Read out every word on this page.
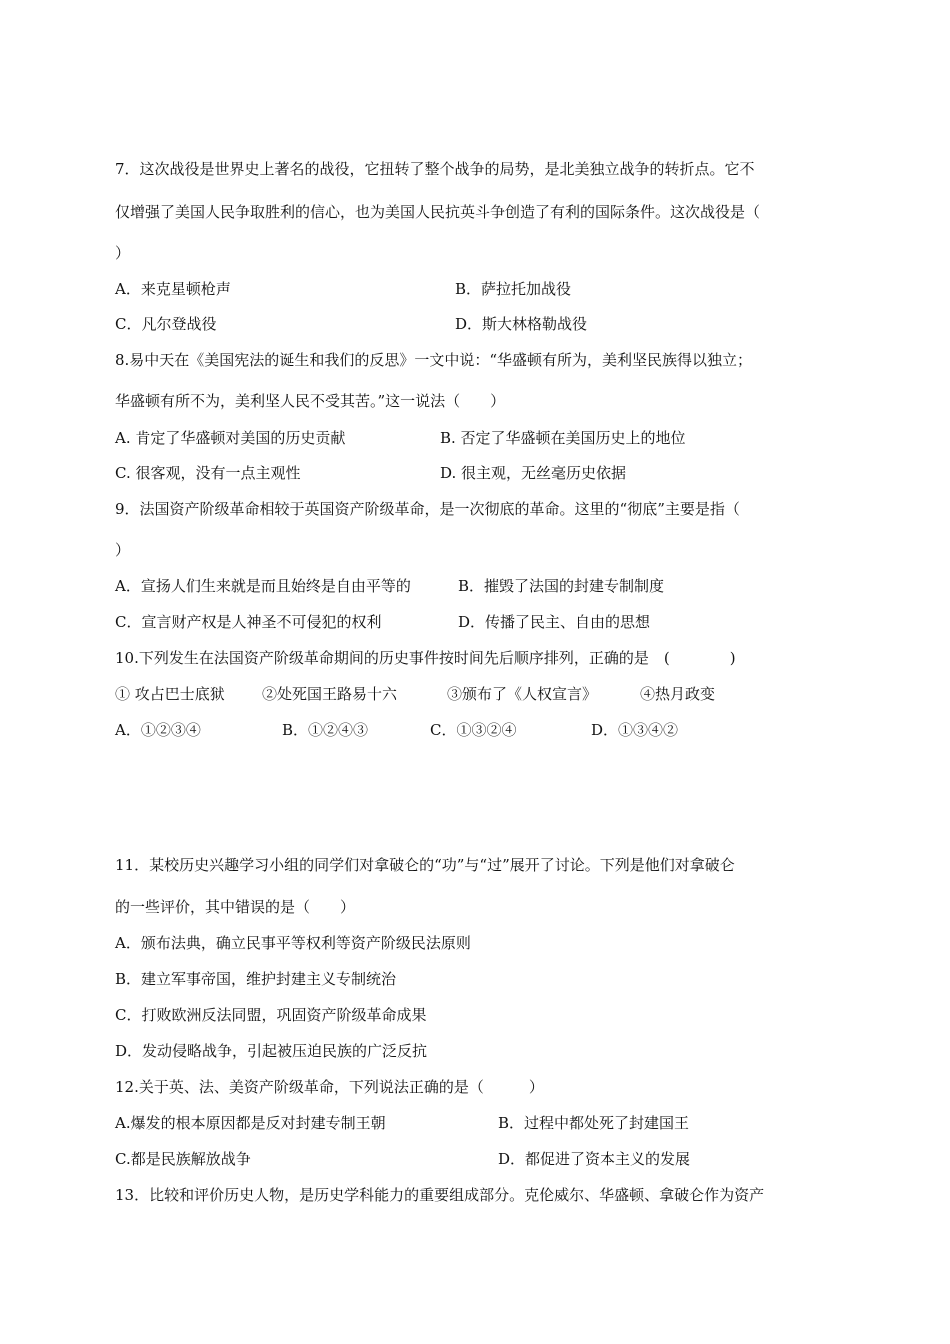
7．这次战役是世界史上著名的战役，它扭转了整个战争的局势，是北美独立战争的转折点。它不
仅增强了美国人民争取胜利的信心，也为美国人民抗英斗争创造了有利的国际条件。这次战役是（
）
A．来克星顿枪声	B．萨拉托加战役
C．凡尔登战役	D．斯大林格勒战役
8.易中天在《美国宪法的诞生和我们的反思》一文中说：“华盛顿有所为，美利坚民族得以独立；
华盛顿有所不为，美利坚人民不受其苦。”这一说法（　　）
A. 肯定了华盛顿对美国的历史贡献	B. 否定了华盛顿在美国历史上的地位
C. 很客观，没有一点主观性	D. 很主观，无丝毫历史依据
9．法国资产阶级革命相较于英国资产阶级革命，是一次彻底的革命。这里的“彻底”主要是指（
）
A．宣扬人们生来就是而且始终是自由平等的	B．摧毁了法国的封建专制制度
C．宣言财产权是人神圣不可侵犯的权利	D．传播了民主、自由的思想
10.下列发生在法国资产阶级革命期间的历史事件按时间先后顺序排列，正确的是　(　　　　)
① 攻占巴士底狱 ②处死国王路易十六	③颁布了《人权宣言》	④热月政变
A．①②③④	B．①②④③	C．①③②④	D．①③④②
11．某校历史兴趣学习小组的同学们对拿破仑的“功”与“过”展开了讨论。下列是他们对拿破仑
的一些评价，其中错误的是（　　）
A．颁布法典，确立民事平等权利等资产阶级民法原则
B．建立军事帝国，维护封建主义专制统治
C．打败欧洲反法同盟，巩固资产阶级革命成果
D．发动侵略战争，引起被压迫民族的广泛反抗
12.关于英、法、美资产阶级革命，下列说法正确的是（　　　）
A.爆发的根本原因都是反对封建专制王朝	B．过程中都处死了封建国王
C.都是民族解放战争	D．都促进了资本主义的发展
13．比较和评价历史人物，是历史学科能力的重要组成部分。克伦威尔、华盛顿、拿破仑作为资产
